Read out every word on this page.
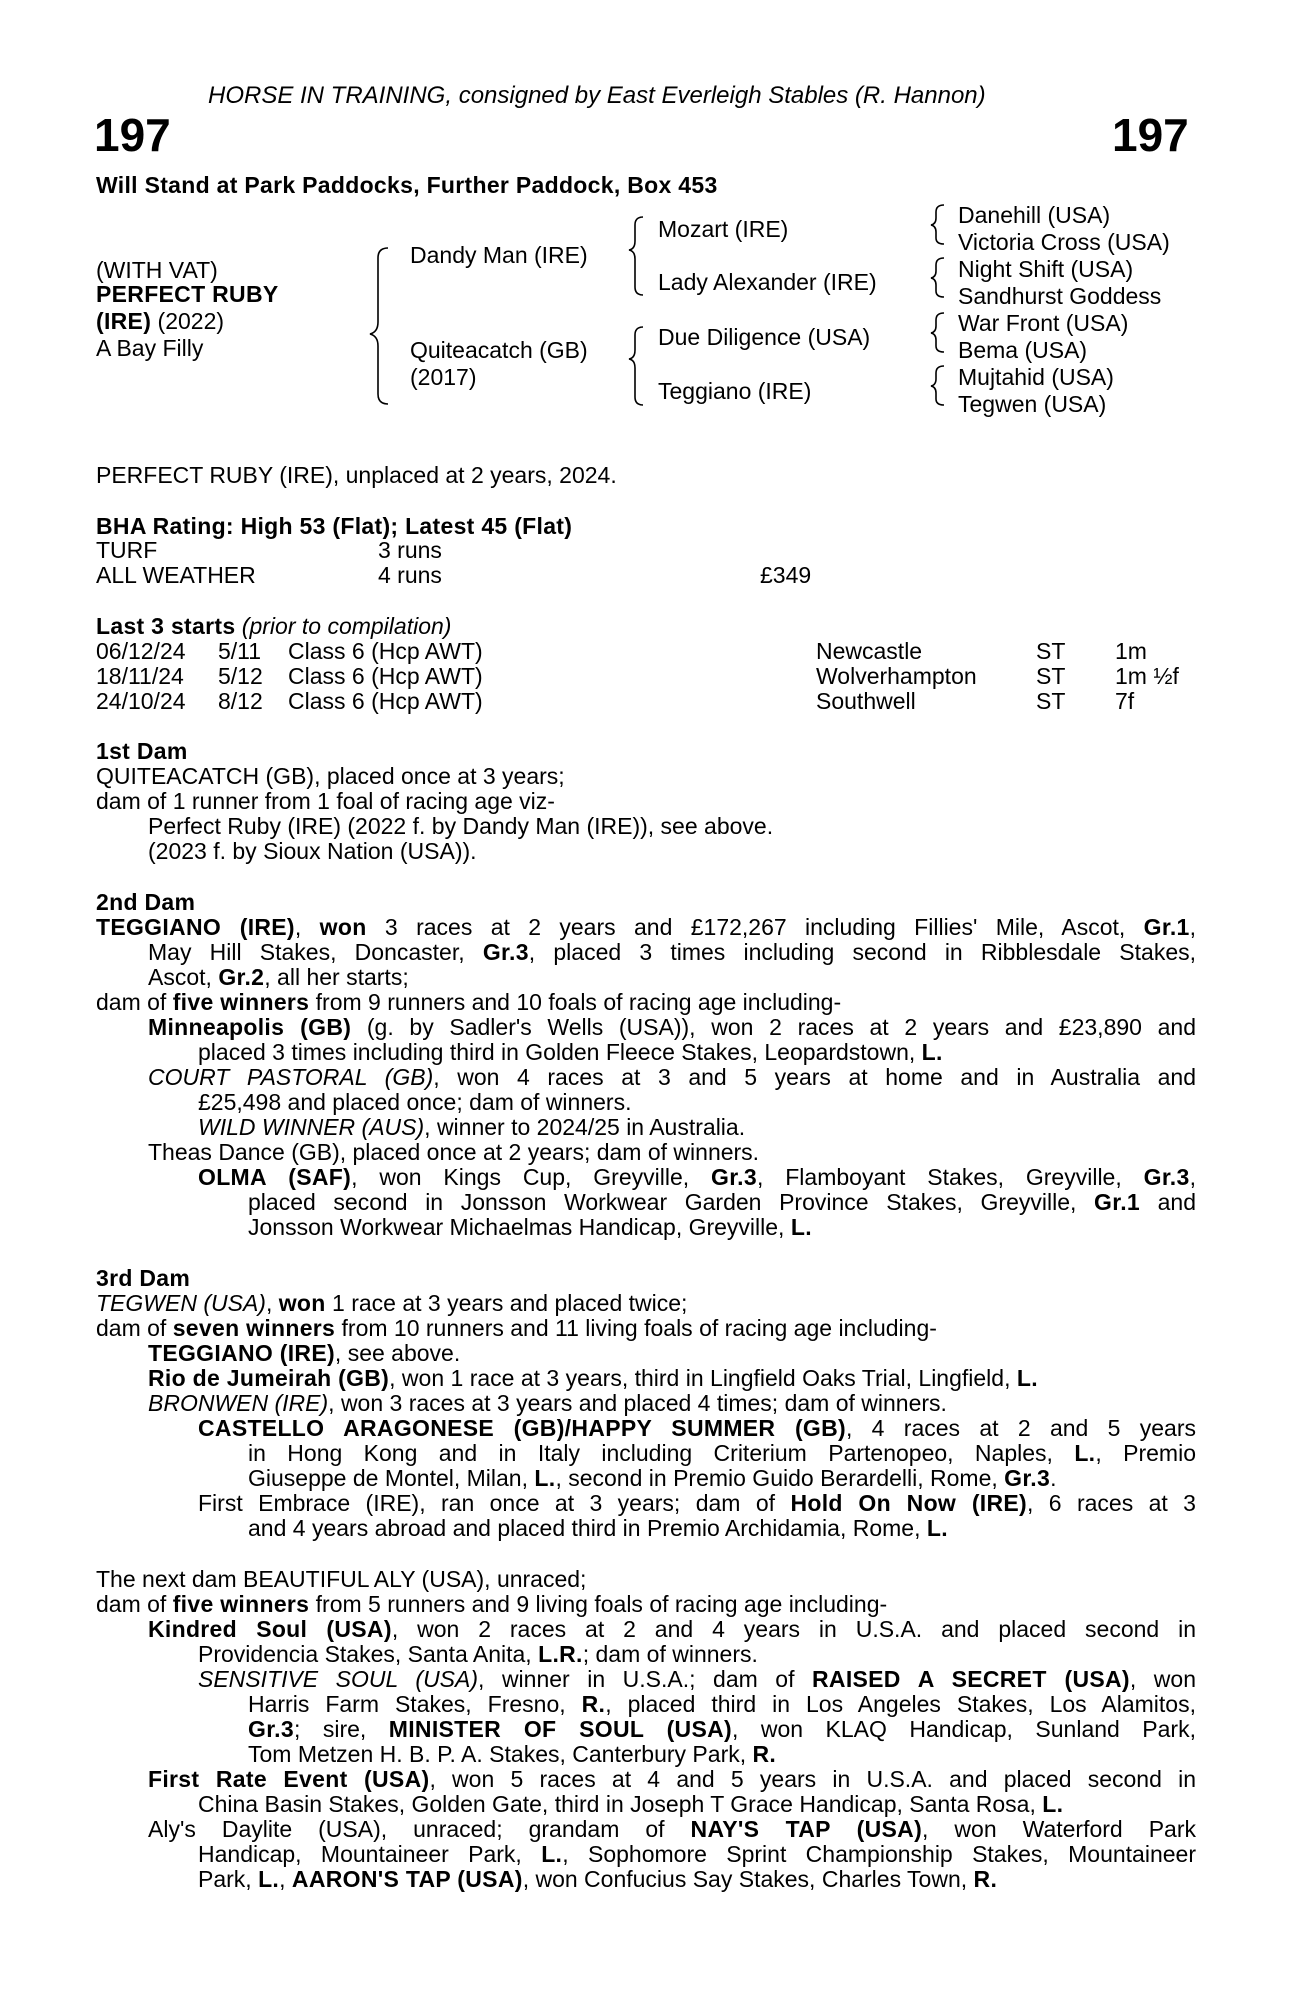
HORSE IN TRAINING, consigned by East Everleigh Stables (R. Hannon)
197	197
Will Stand at Park Paddocks, Further Paddock, Box 453
(WITH VAT)
PERFECT RUBY
(IRE) (2022)
A Bay Filly
Dandy Man (IRE)
Quiteacatch (GB)
(2017)
Mozart (IRE)
Lady Alexander (IRE)
Due Diligence (USA)
Teggiano (IRE)
Danehill (USA)
Victoria Cross (USA)
Night Shift (USA)
Sandhurst Goddess
War Front (USA)
Bema (USA)
Mujtahid (USA)
Tegwen (USA)
PERFECT RUBY (IRE), unplaced at 2 years, 2024.
BHA Rating: High 53 (Flat); Latest 45 (Flat)
TURF	3 runs
ALL WEATHER	4 runs	£349
Last 3 starts (prior to compilation)
06/12/24 5/11 Class 6 (Hcp AWT)	Newcastle	ST 1m
18/11/24 5/12 Class 6 (Hcp AWT)	Wolverhampton	ST 1m ½f
24/10/24 8/12 Class 6 (Hcp AWT)	Southwell	ST 7f
1st Dam
QUITEACATCH (GB), placed once at 3 years;
dam of 1 runner from 1 foal of racing age viz-
Perfect Ruby (IRE) (2022 f. by Dandy Man (IRE)), see above.
(2023 f. by Sioux Nation (USA)).
2nd Dam
TEGGIANO (IRE), won 3 races at 2 years and £172,267 including Fillies' Mile, Ascot, Gr.1,
May Hill Stakes, Doncaster, Gr.3, placed 3 times including second in Ribblesdale Stakes,
Ascot, Gr.2, all her starts;
dam of five winners from 9 runners and 10 foals of racing age including-
Minneapolis (GB) (g. by Sadler's Wells (USA)), won 2 races at 2 years and £23,890 and
placed 3 times including third in Golden Fleece Stakes, Leopardstown, L.
COURT PASTORAL (GB), won 4 races at 3 and 5 years at home and in Australia and
£25,498 and placed once; dam of winners.
WILD WINNER (AUS), winner to 2024/25 in Australia.
Theas Dance (GB), placed once at 2 years; dam of winners.
OLMA (SAF), won Kings Cup, Greyville, Gr.3, Flamboyant Stakes, Greyville, Gr.3,
placed second in Jonsson Workwear Garden Province Stakes, Greyville, Gr.1 and
Jonsson Workwear Michaelmas Handicap, Greyville, L.
3rd Dam
TEGWEN (USA), won 1 race at 3 years and placed twice;
dam of seven winners from 10 runners and 11 living foals of racing age including-
TEGGIANO (IRE), see above.
Rio de Jumeirah (GB), won 1 race at 3 years, third in Lingfield Oaks Trial, Lingfield, L.
BRONWEN (IRE), won 3 races at 3 years and placed 4 times; dam of winners.
CASTELLO ARAGONESE (GB)/HAPPY SUMMER (GB), 4 races at 2 and 5 years
in Hong Kong and in Italy including Criterium Partenopeo, Naples, L., Premio
Giuseppe de Montel, Milan, L., second in Premio Guido Berardelli, Rome, Gr.3.
First Embrace (IRE), ran once at 3 years; dam of Hold On Now (IRE), 6 races at 3
and 4 years abroad and placed third in Premio Archidamia, Rome, L.
The next dam BEAUTIFUL ALY (USA), unraced;
dam of five winners from 5 runners and 9 living foals of racing age including-
Kindred Soul (USA), won 2 races at 2 and 4 years in U.S.A. and placed second in
Providencia Stakes, Santa Anita, L.R.; dam of winners.
SENSITIVE SOUL (USA), winner in U.S.A.; dam of RAISED A SECRET (USA), won
Harris Farm Stakes, Fresno, R., placed third in Los Angeles Stakes, Los Alamitos,
Gr.3; sire, MINISTER OF SOUL (USA), won KLAQ Handicap, Sunland Park,
Tom Metzen H. B. P. A. Stakes, Canterbury Park, R.
First Rate Event (USA), won 5 races at 4 and 5 years in U.S.A. and placed second in
China Basin Stakes, Golden Gate, third in Joseph T Grace Handicap, Santa Rosa, L.
Aly's Daylite (USA), unraced; grandam of NAY'S TAP (USA), won Waterford Park
Handicap, Mountaineer Park, L., Sophomore Sprint Championship Stakes, Mountaineer
Park, L., AARON'S TAP (USA), won Confucius Say Stakes, Charles Town, R.
